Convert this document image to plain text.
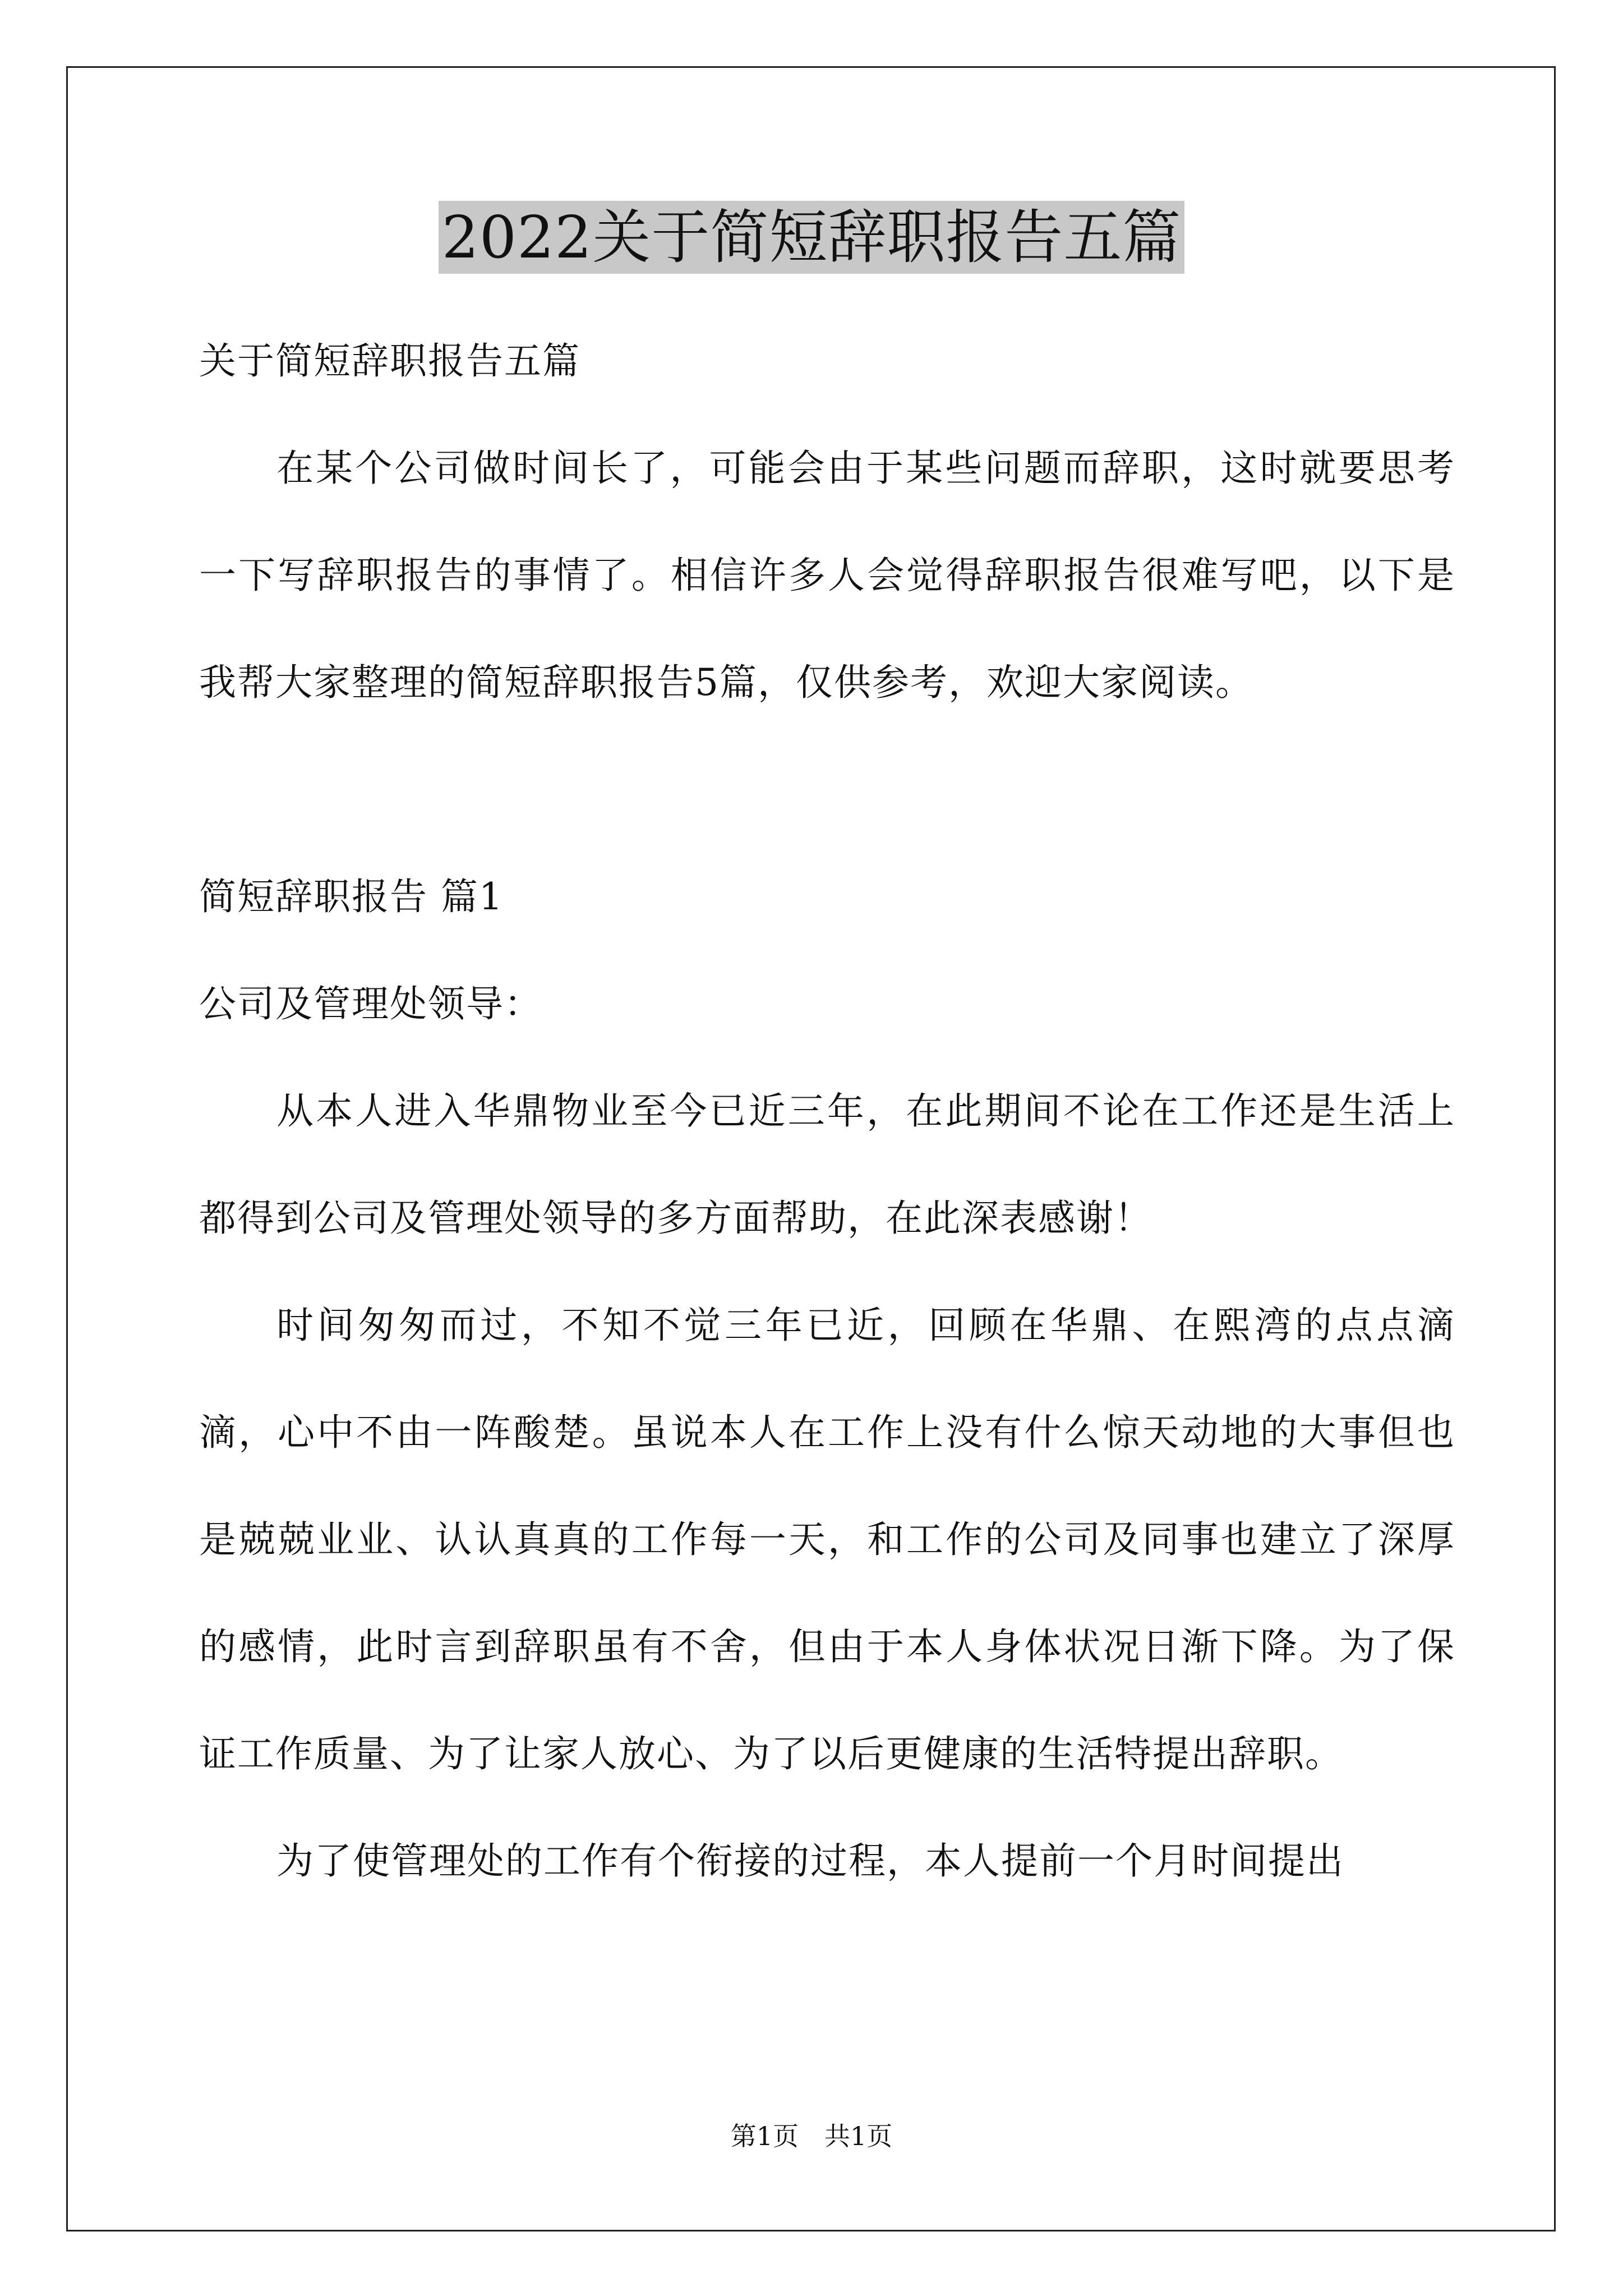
2022关于简短辞职报告五篇

关于简短辞职报告五篇

在某个公司做时间长了，可能会由于某些问题而辞职，这时就要思考一下写辞职报告的事情了。相信许多人会觉得辞职报告很难写吧，以下是我帮大家整理的简短辞职报告5篇，仅供参考，欢迎大家阅读。

简短辞职报告 篇1

公司及管理处领导：

从本人进入华鼎物业至今已近三年，在此期间不论在工作还是生活上都得到公司及管理处领导的多方面帮助，在此深表感谢！

时间匆匆而过，不知不觉三年已近，回顾在华鼎、在熙湾的点点滴滴，心中不由一阵酸楚。虽说本人在工作上没有什么惊天动地的大事但也是兢兢业业、认认真真的工作每一天，和工作的公司及同事也建立了深厚的感情，此时言到辞职虽有不舍，但由于本人身体状况日渐下降。为了保证工作质量、为了让家人放心、为了以后更健康的生活特提出辞职。

为了使管理处的工作有个衔接的过程，本人提前一个月时间提出

第1页　共1页
